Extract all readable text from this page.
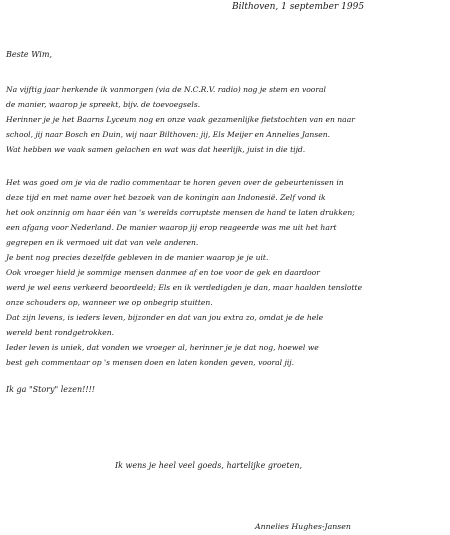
Bilthoven, 1 september 1995
Beste Wim,
Na vijftig jaar herkende ik vanmorgen (via de N.C.R.V. radio) nog je stem en vooral
de manier, waarop je spreekt, bijv. de toevoegsels.
Herinner je je het Baarns Lyceum nog en onze vaak gezamenlijke fietstochten van en naar
school, jij naar Bosch en Duin, wij naar Bilthoven: jij, Els Meijer en Annelies Jansen.
Wat hebben we vaak samen gelachen en wat was dat heerlijk, juist in die tijd.
Het was goed om je via de radio commentaar te horen geven over de gebeurtenissen in
deze tijd en met name over het bezoek van de koningin aan Indonesië. Zelf vond ik
het ook onzinnig om haar één van 's werelds corruptste mensen de hand te laten drukken;
een afgang voor Nederland. De manier waarop jij erop reageerde was me uit het hart
gegrepen en ik vermoed uit dat van vele anderen.
Je bent nog precies dezelfde gebleven in de manier waarop je je uit.
Ook vroeger hield je sommige mensen danmee af en toe voor de gek en daardoor
werd je wel eens verkeerd beoordeeld; Els en ik verdedigden je dan, maar haalden tenslotte
onze schouders op, wanneer we op onbegrip stuitten.
Dat zijn levens, is ieders leven, bijzonder en dat van jou extra zo, omdat je de hele
wereld bent rondgetrokken.
Ieder leven is uniek, dat vonden we vroeger al, herinner je je dat nog, hoewel we
best geh commentaar op 's mensen doen en laten konden geven, vooral jij.
Ik ga "Story" lezen!!!!
Ik wens je heel veel goeds, hartelijke groeten,
Annelies Hughes-Jansen
